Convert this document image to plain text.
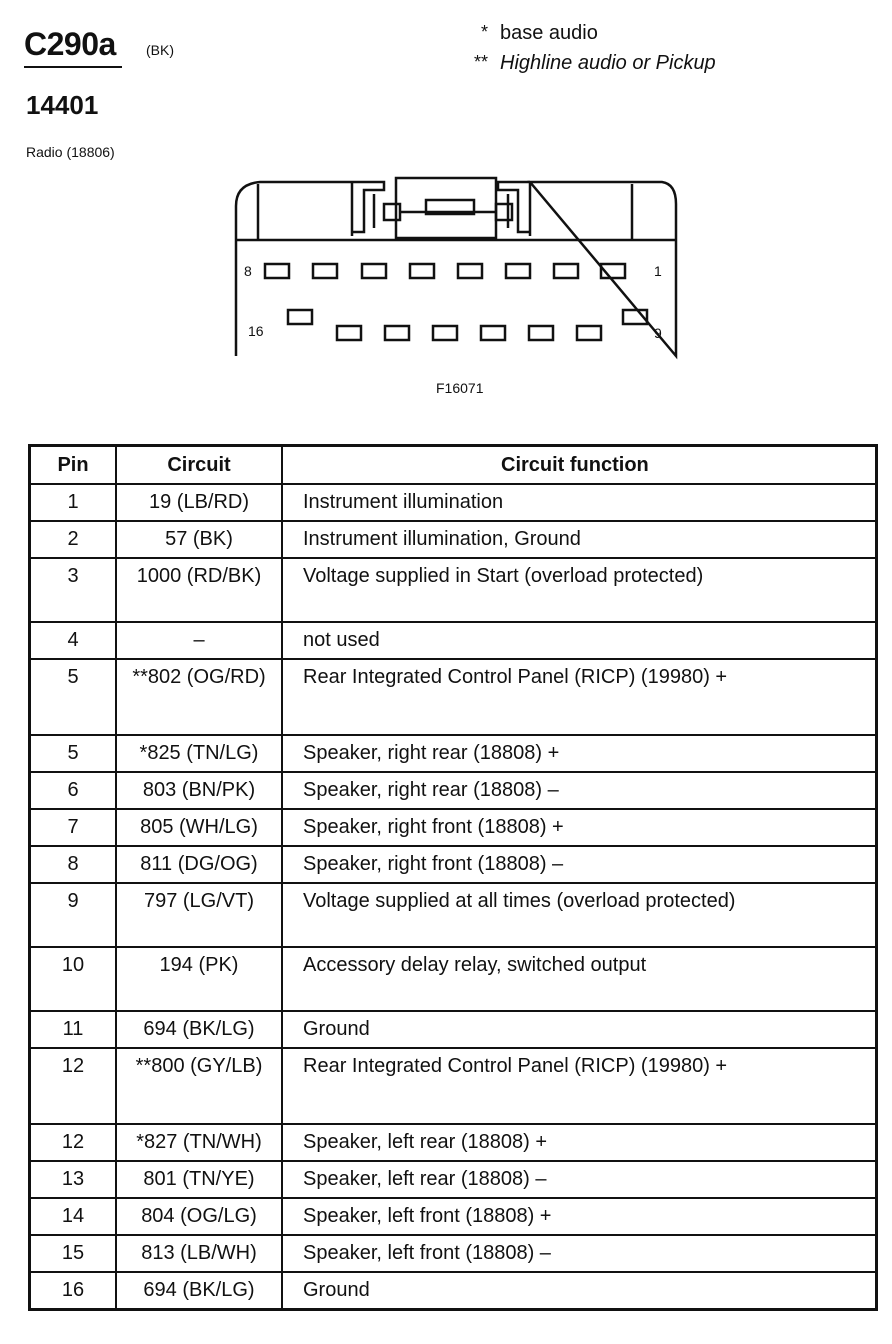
C290a (BK)
14401
Radio (18806)
* base audio
** Highline audio or Pickup
8	1
16	9
F16071
Pin	Circuit	Circuit function

1	19 (LB/RD)	Instrument illumination

2	57 (BK)	Instrument illumination, Ground

3	1000 (RD/BK)	Voltage supplied in Start (overload protected)

4	–	not used

5	**802 (OG/RD)	Rear Integrated Control Panel (RICP) (19980) +

5	*825 (TN/LG)	Speaker, right rear (18808) +

6	803 (BN/PK)	Speaker, right rear (18808) –

7	805 (WH/LG)	Speaker, right front (18808) +

8	811 (DG/OG)	Speaker, right front (18808) –

9	797 (LG/VT)	Voltage supplied at all times (overload protected)

10	194 (PK)	Accessory delay relay, switched output

11	694 (BK/LG)	Ground

12	**800 (GY/LB)	Rear Integrated Control Panel (RICP) (19980) +

12	*827 (TN/WH)	Speaker, left rear (18808) +

13	801 (TN/YE)	Speaker, left rear (18808) –

14	804 (OG/LG)	Speaker, left front (18808) +

15	813 (LB/WH)	Speaker, left front (18808) –

16	694 (BK/LG)	Ground
